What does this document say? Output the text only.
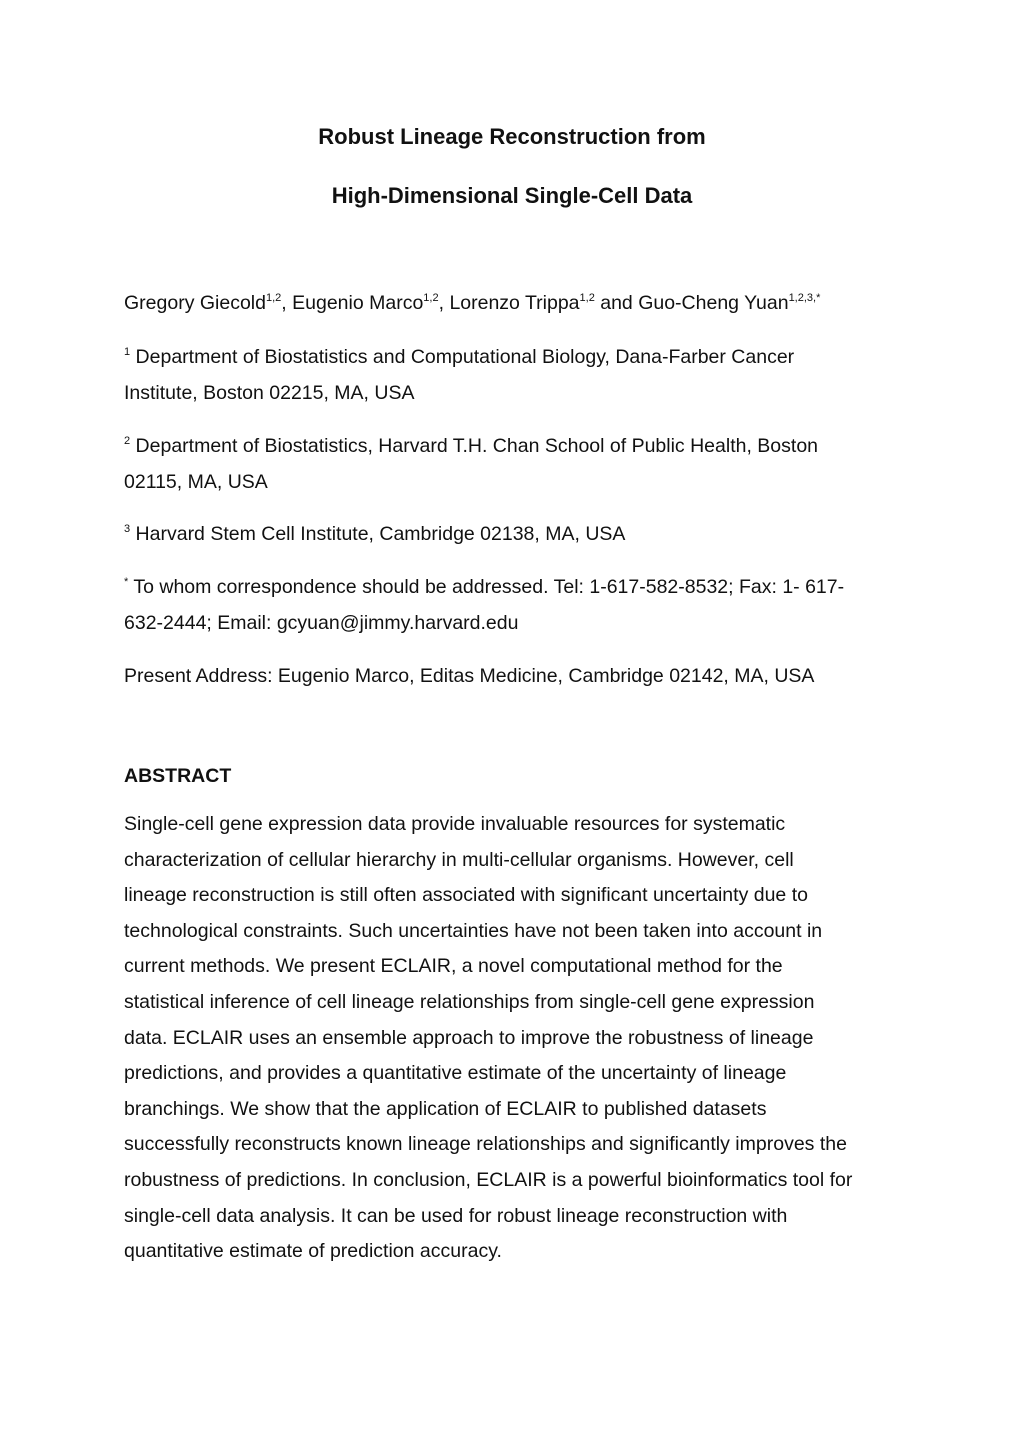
Robust Lineage Reconstruction from
High-Dimensional Single-Cell Data
Gregory Giecold$^{1,2}$, Eugenio Marco$^{1,2}$, Lorenzo Trippa$^{1,2}$ and Guo-Cheng Yuan$^{1,2,3,*}$
$^1$ Department of Biostatistics and Computational Biology, Dana-Farber Cancer
Institute, Boston 02215, MA, USA
$^2$ Department of Biostatistics, Harvard T.H. Chan School of Public Health, Boston
02115, MA, USA
$^3$ Harvard Stem Cell Institute, Cambridge 02138, MA, USA
* To whom correspondence should be addressed. Tel: 1-617-582-8532; Fax: 1- 617-
632-2444; Email: gcyuan@jimmy.harvard.edu
Present Address: Eugenio Marco, Editas Medicine, Cambridge 02142, MA, USA
ABSTRACT
Single-cell gene expression data provide invaluable resources for systematic
characterization of cellular hierarchy in multi-cellular organisms. However, cell
lineage reconstruction is still often associated with significant uncertainty due to
technological constraints. Such uncertainties have not been taken into account in
current methods. We present ECLAIR, a novel computational method for the
statistical inference of cell lineage relationships from single-cell gene expression
data. ECLAIR uses an ensemble approach to improve the robustness of lineage
predictions, and provides a quantitative estimate of the uncertainty of lineage
branchings. We show that the application of ECLAIR to published datasets
successfully reconstructs known lineage relationships and significantly improves the
robustness of predictions. In conclusion, ECLAIR is a powerful bioinformatics tool for
single-cell data analysis. It can be used for robust lineage reconstruction with
quantitative estimate of prediction accuracy.
